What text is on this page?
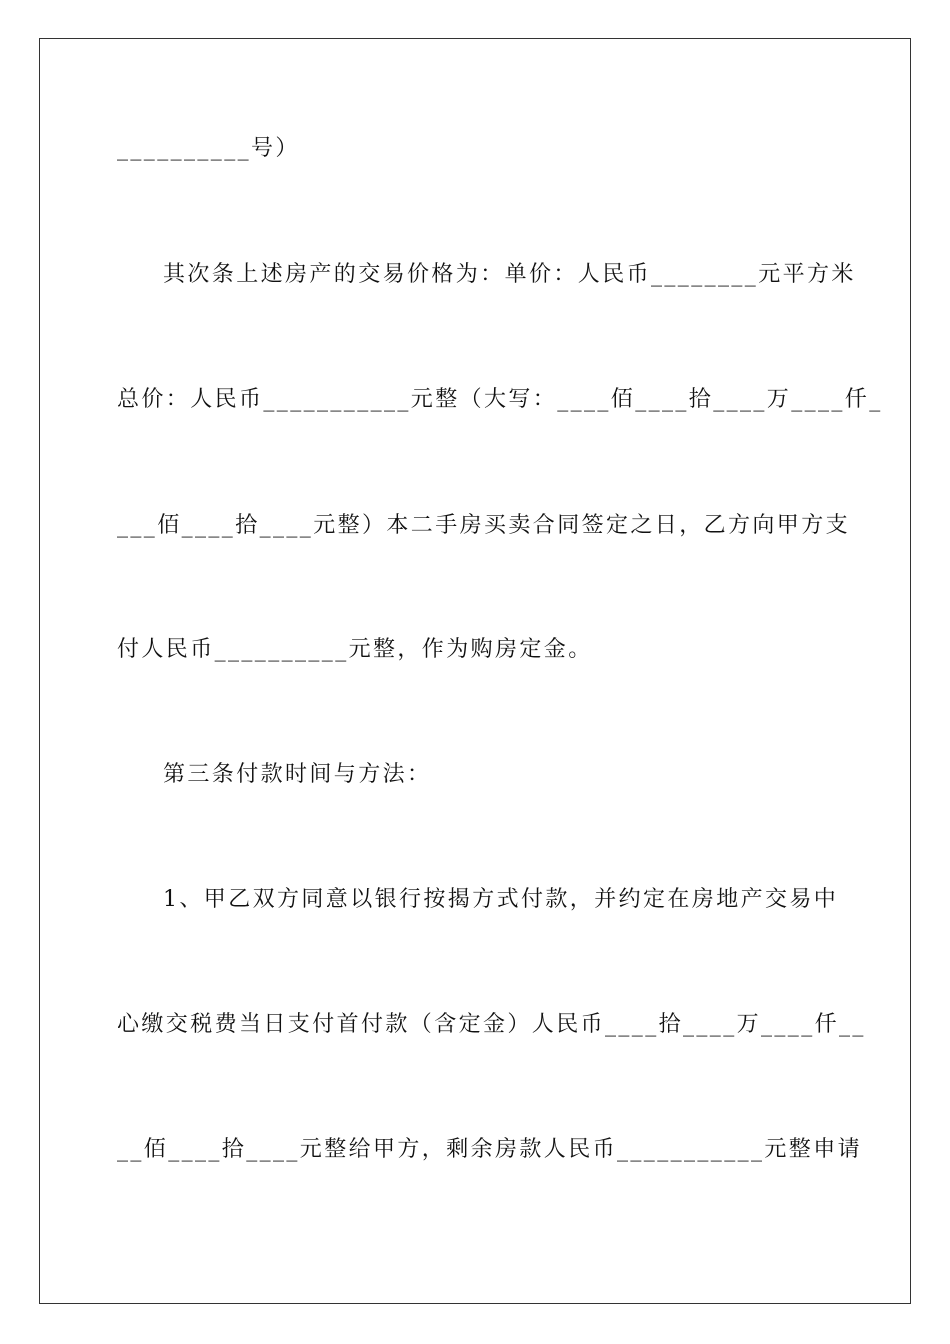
__________号）
其次条上述房产的交易价格为：单价：人民币________元平方米
总价：人民币___________元整（大写：____佰____拾____万____仟_
___佰____拾____元整）本二手房买卖合同签定之日，乙方向甲方支
付人民币__________元整，作为购房定金。
第三条付款时间与方法：
1、甲乙双方同意以银行按揭方式付款，并约定在房地产交易中
心缴交税费当日支付首付款（含定金）人民币____拾____万____仟__
__佰____拾____元整给甲方，剩余房款人民币___________元整申请
